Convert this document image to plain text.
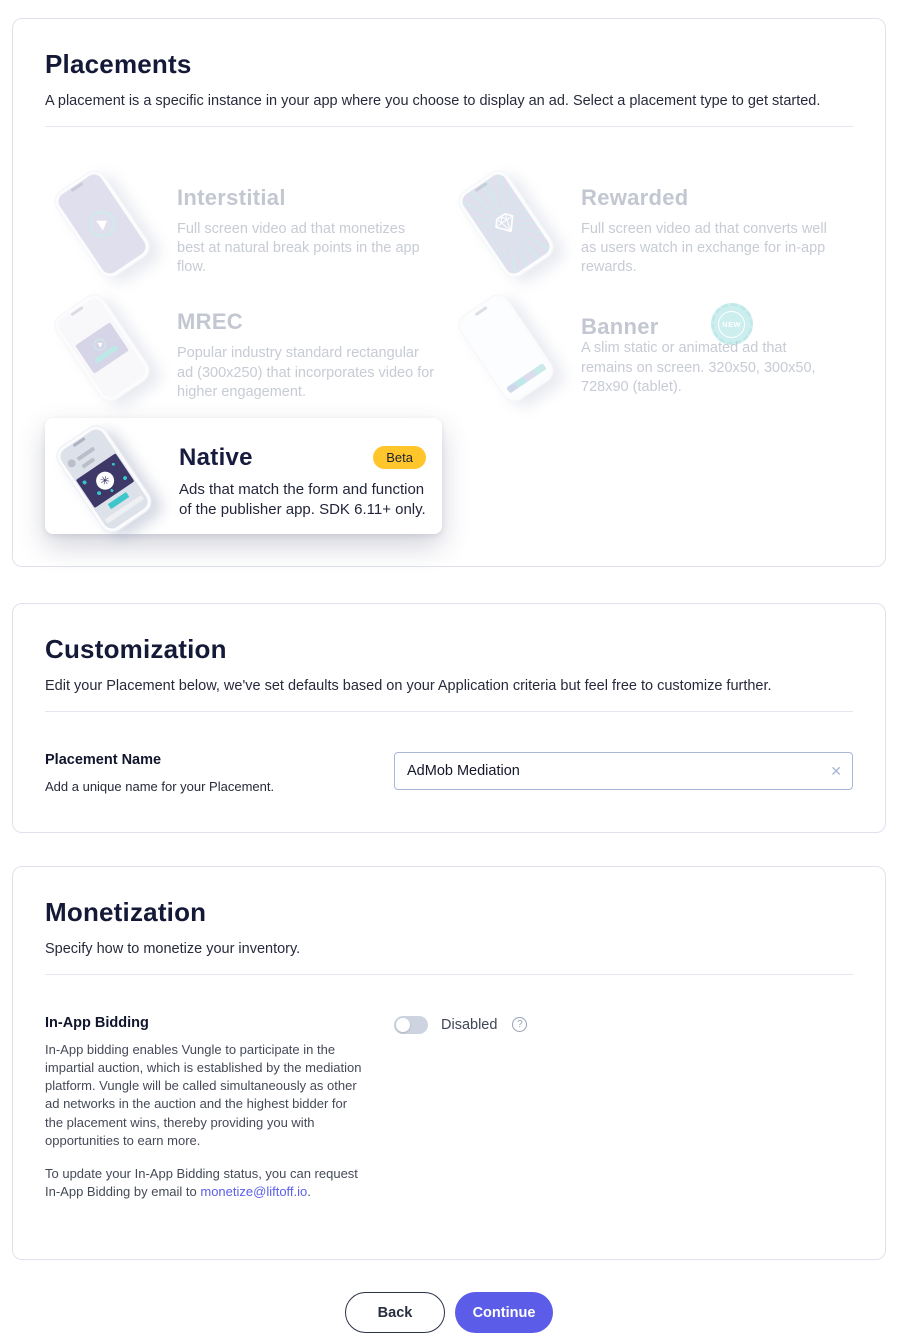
Placements

A placement is a specific instance in your app where you choose to display an ad. Select a placement type to get started.

Interstitial
Full screen video ad that monetizes best at natural break points in the app flow.
Rewarded
Full screen video ad that converts well as users watch in exchange for in-app rewards.
MREC
Popular industry standard rectangular ad (300x250) that incorporates video for higher engagement.
Banner	NEW
A slim static or animated ad that remains on screen. 320x50, 300x50, 728x90 (tablet).
✳
Native	Beta
Ads that match the form and function of the publisher app. SDK 6.11+ only.
Customization

Edit your Placement below, we've set defaults based on your Application criteria but feel free to customize further.

Placement Name
Add a unique name for your Placement.
AdMob Mediation
✕
Monetization

Specify how to monetize your inventory.

In-App Bidding

In-App bidding enables Vungle to participate in the impartial auction, which is established by the mediation platform. Vungle will be called simultaneously as other ad networks in the auction and the highest bidder for the placement wins, thereby providing you with opportunities to earn more.

To update your In-App Bidding status, you can request In-App Bidding by email to monetize@liftoff.io.

Disabled	?
Back	Continue
